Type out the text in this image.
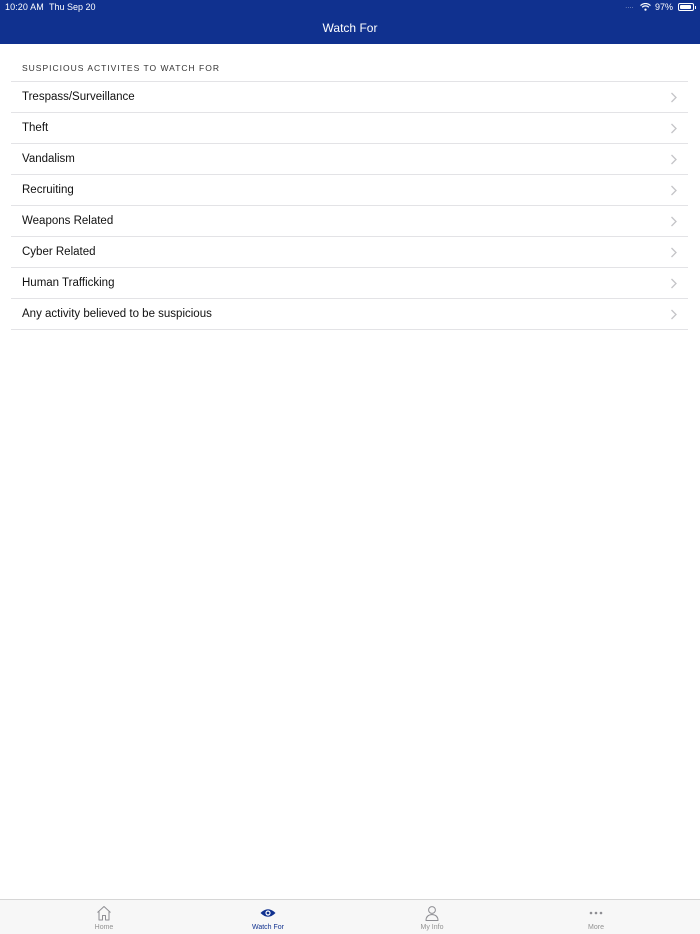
10:20 AM Thu Sep 20	.... 97%
Watch For
SUSPICIOUS ACTIVITES TO WATCH FOR
Trespass/Surveillance
Theft
Vandalism
Recruiting
Weapons Related
Cyber Related
Human Trafficking
Any activity believed to be suspicious
Home	Watch For	My Info	More
